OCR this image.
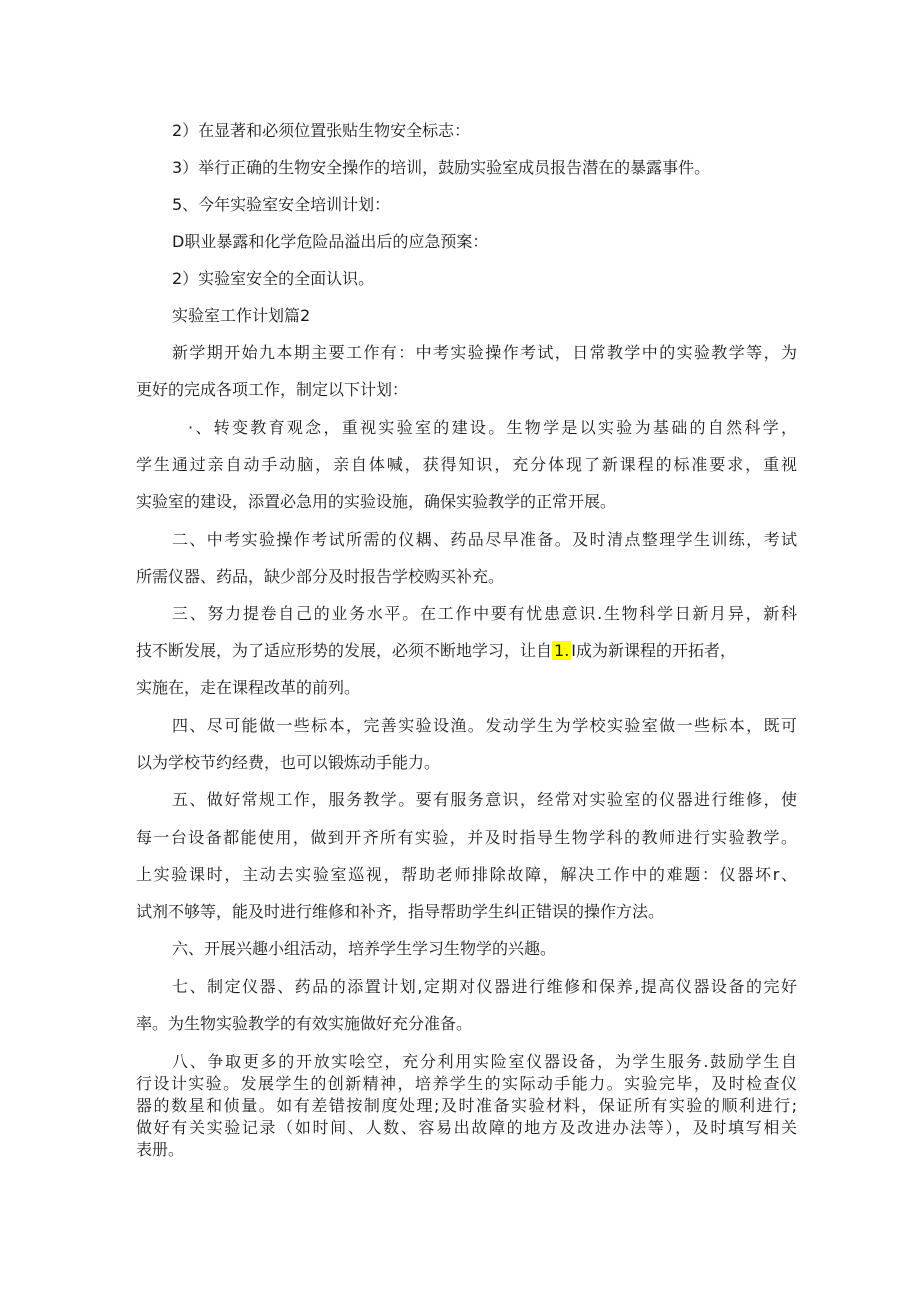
2）在显著和必须位置张贴生物安全标志：
3）举行正确的生物安全操作的培训，鼓励实验室成员报告潜在的暴露事件。
5、今年实验室安全培训计划：
D职业暴露和化学危险品溢出后的应急预案：
2）实验室安全的全面认识。
实验室工作计划篇2
新学期开始九本期主要工作有：中考实验操作考试，日常教学中的实验教学等，为
更好的完成各项工作，制定以下计划：
·、转变教育观念，重视实验室的建设。生物学是以实验为基础的自然科学，
学生通过亲自动手动脑，亲自体喊，获得知识，充分体现了新课程的标准要求，重视
实验室的建设，添置必急用的实验设施，确保实验教学的正常开展。
二、中考实验操作考试所需的仪耦、药品尽早准备。及时清点整理学生训练，考试
所需仪器、药品，缺少部分及时报告学校购买补充。
三、努力提卷自己的业务水平。在工作中要有忧患意识.生物科学日新月异，新科
技不断发展，为了适应形势的发展，必须不断地学习，让自 1. I成为新课程的开拓者，
实施在，走在课程改革的前列。
四、尽可能做一些标本，完善实验设渔。发动学生为学校实验室做一些标本，既可
以为学校节约经费，也可以锻炼动手能力。
五、做好常规工作，服务教学。要有服务意识，经常对实验室的仪器进行维修，使
每一台设备都能使用，做到开齐所有实验，并及时指导生物学科的教师进行实验教学。
上实验课时，主动去实验室巡视，帮助老师排除故障，解决工作中的难题：仪器坏r、
试剂不够等，能及时进行维修和补齐，指导帮助学生纠正错误的操作方法。
六、开展兴趣小组活动，培养学生学习生物学的兴趣。
七、制定仪器、药品的添置计划,定期对仪器进行维修和保养,提高仪器设备的完好
率。为生物实验教学的有效实施做好充分准备。
八、争取更多的开放实哙空，充分利用实险室仪器设备，为学生服务.鼓励学生自
行设计实验。发展学生的创新精神，培养学生的实际动手能力。实验完毕，及时检查仪
器的数星和侦量。如有差错按制度处理;及时准备实验材料，保证所有实验的顺利进行;
做好有关实验记录（如时间、人数、容易出故障的地方及改进办法等），及时填写相关
表册。
